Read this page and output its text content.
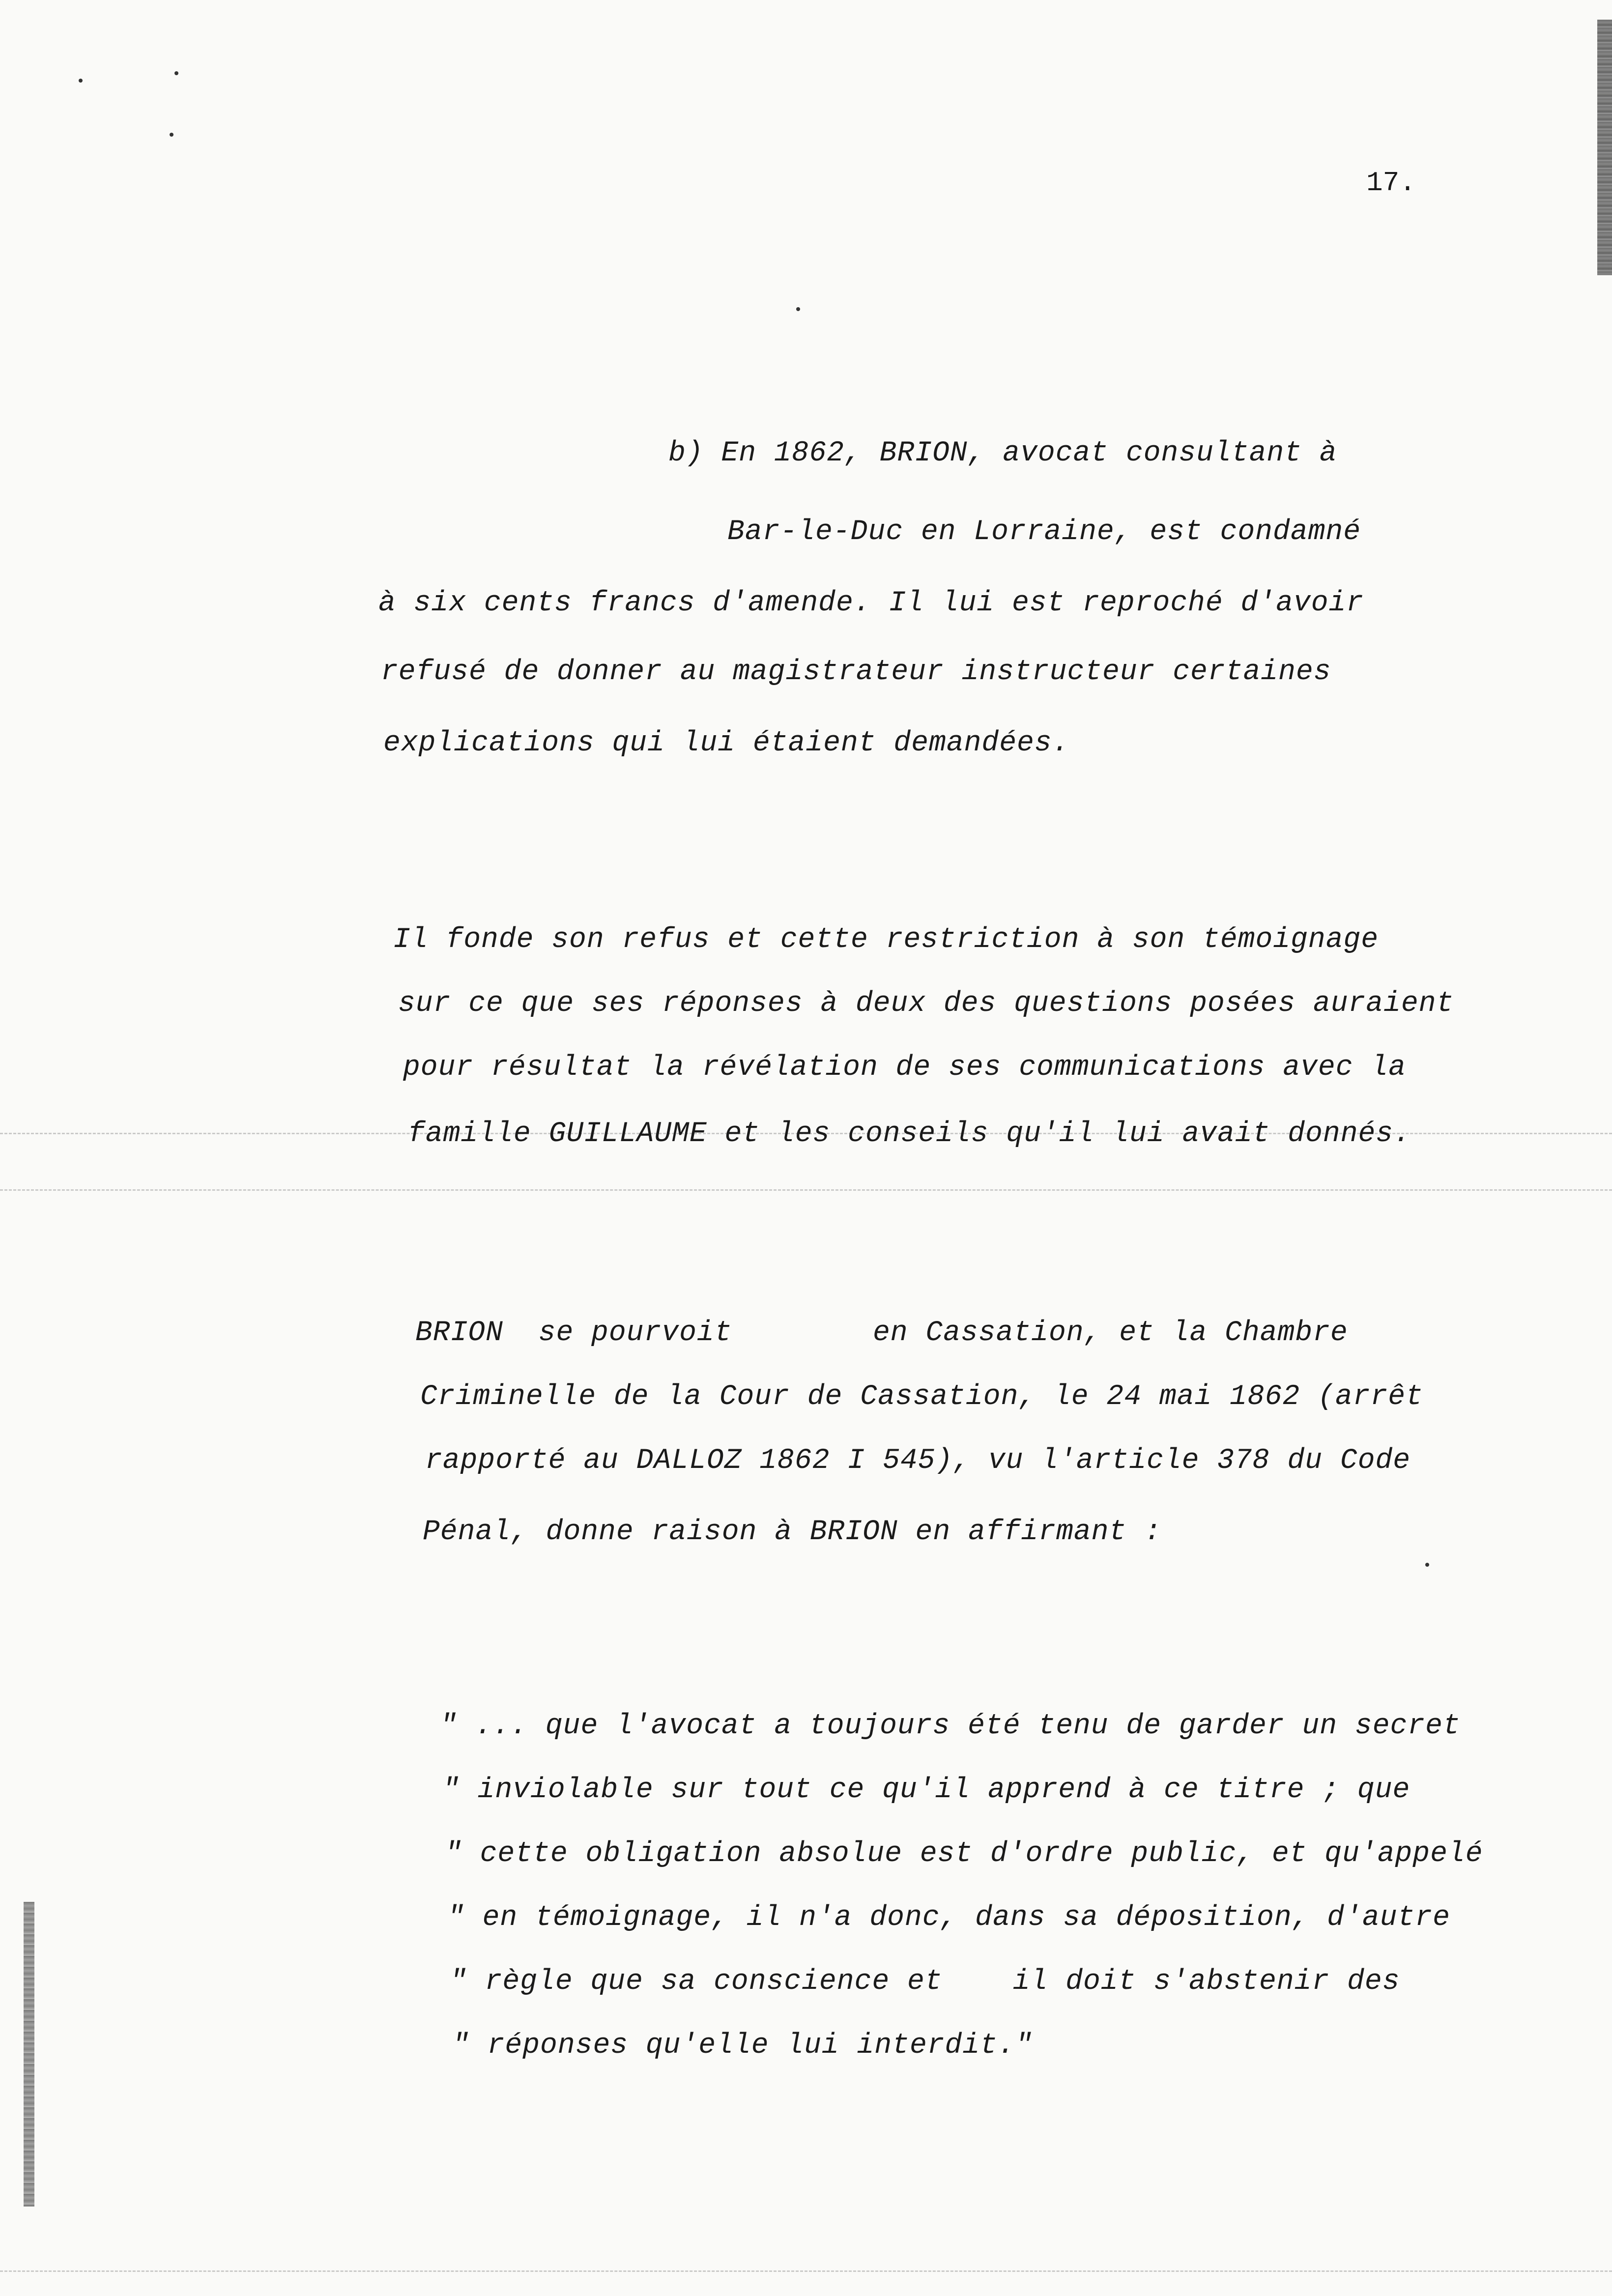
17.
b) En 1862, BRION, avocat consultant à
Bar-le-Duc en Lorraine, est condamné
à six cents francs d'amende. Il lui est reproché d'avoir
refusé de donner au magistrateur instructeur certaines
explications qui lui étaient demandées.
Il fonde son refus et cette restriction à son témoignage
sur ce que ses réponses à deux des questions posées auraient
pour résultat la révélation de ses communications avec la
famille GUILLAUME et les conseils qu'il lui avait donnés.
BRION  se pourvoit        en Cassation, et la Chambre
Criminelle de la Cour de Cassation, le 24 mai 1862 (arrêt
rapporté au DALLOZ 1862 I 545), vu l'article 378 du Code
Pénal, donne raison à BRION en affirmant :
" ... que l'avocat a toujours été tenu de garder un secret
" inviolable sur tout ce qu'il apprend à ce titre ; que
" cette obligation absolue est d'ordre public, et qu'appelé
" en témoignage, il n'a donc, dans sa déposition, d'autre
" règle que sa conscience et    il doit s'abstenir des
" réponses qu'elle lui interdit."
